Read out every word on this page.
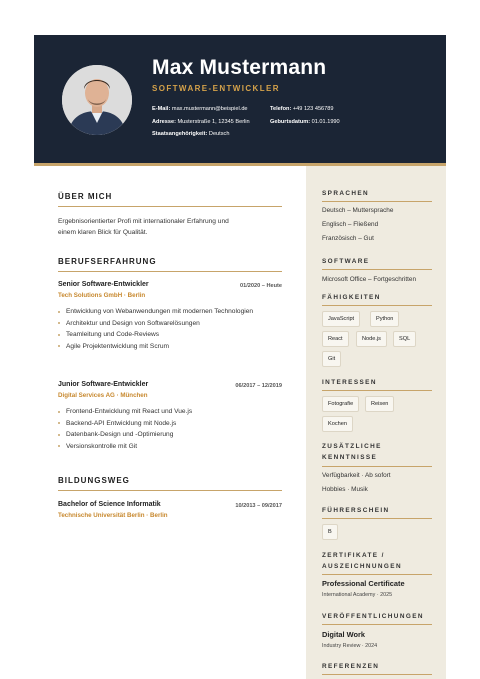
Max Mustermann
SOFTWARE-ENTWICKLER
E-Mail: max.mustermann@beispiel.de	Telefon: +49 123 456789
Adresse: Musterstraße 1, 12345 Berlin	Geburtsdatum: 01.01.1990
Staatsangehörigkeit: Deutsch
ÜBER MICH
Ergebnisorientierter Profi mit internationaler Erfahrung und
einem klaren Blick für Qualität.
BERUFSERFAHRUNG
Senior Software-Entwickler	01/2020 – Heute
Tech Solutions GmbH · Berlin
Entwicklung von Webanwendungen mit modernen Technologien
Architektur und Design von Softwarelösungen
Teamleitung und Code-Reviews
Agile Projektentwicklung mit Scrum
Junior Software-Entwickler	06/2017 – 12/2019
Digital Services AG · München
Frontend-Entwicklung mit React und Vue.js
Backend-API Entwicklung mit Node.js
Datenbank-Design und -Optimierung
Versionskontrolle mit Git
BILDUNGSWEG
Bachelor of Science Informatik	10/2013 – 09/2017
Technische Universität Berlin · Berlin
SPRACHEN
Deutsch – Muttersprache
Englisch – Fließend
Französisch – Gut
SOFTWARE
Microsoft Office – Fortgeschritten
FÄHIGKEITEN
JavaScript	Python
React	Node.js	SQL
Git
INTERESSEN
Fotografie	Reisen
Kochen
ZUSÄTZLICHE
KENNTNISSE
Verfügbarkeit · Ab sofort
Hobbies · Musik
FÜHRERSCHEIN
B
ZERTIFIKATE /
AUSZEICHNUNGEN
Professional Certificate
International Academy · 2025
VERÖFFENTLICHUNGEN
Digital Work
Industry Review · 2024
REFERENZEN
